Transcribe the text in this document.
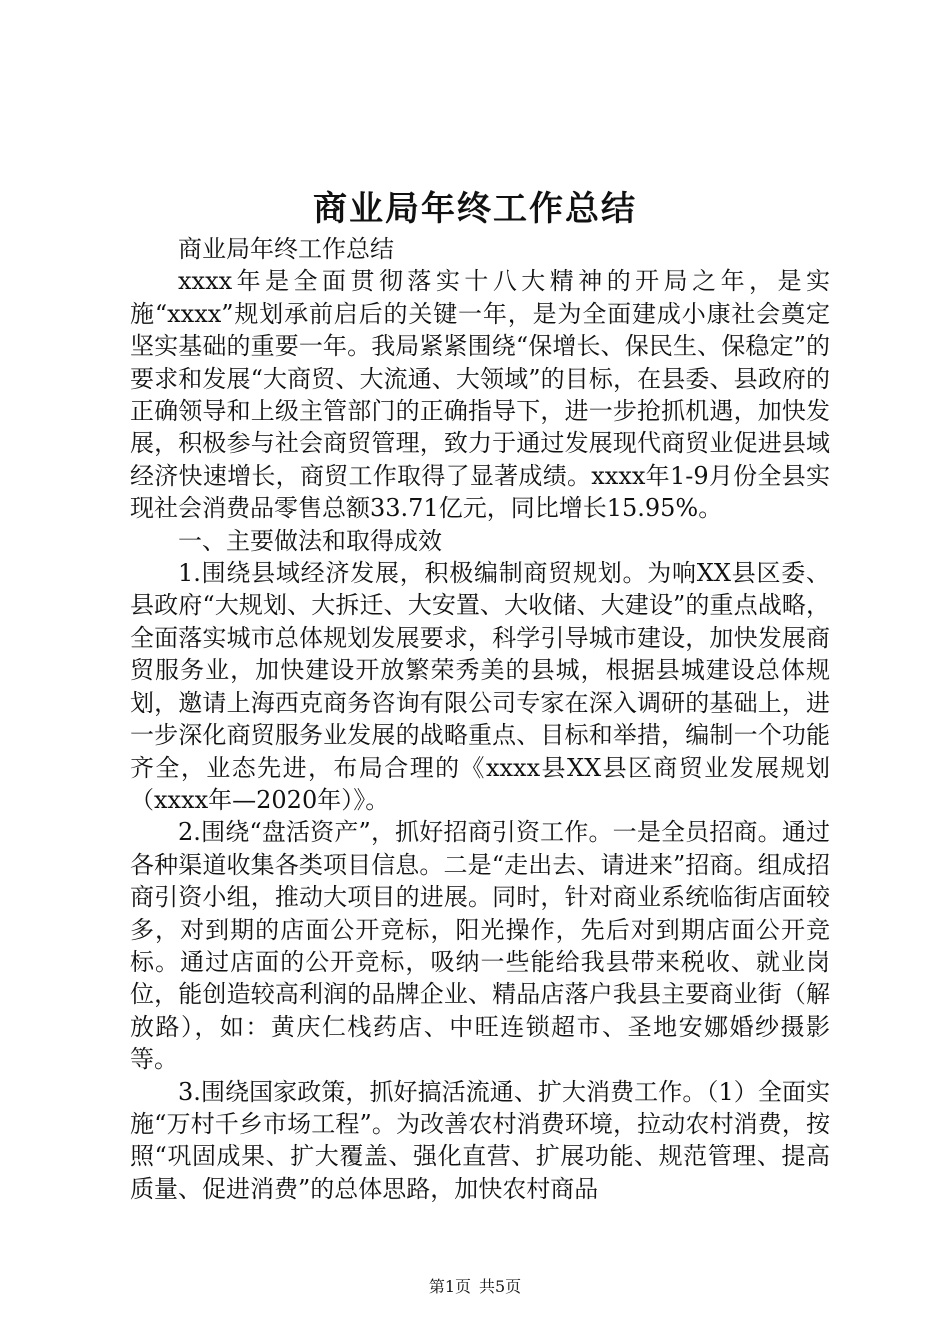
商业局年终工作总结

商业局年终工作总结

xxxx年是全面贯彻落实十八大精神的开局之年，是实施“xxxx”规划承前启后的关键一年，是为全面建成小康社会奠定坚实基础的重要一年。我局紧紧围绕“保增长、保民生、保稳定”的要求和发展“大商贸、大流通、大领域”的目标，在县委、县政府的正确领导和上级主管部门的正确指导下，进一步抢抓机遇，加快发展，积极参与社会商贸管理，致力于通过发展现代商贸业促进县域经济快速增长，商贸工作取得了显著成绩。xxxx年1-9月份全县实现社会消费品零售总额33.71亿元，同比增长15.95%。

一、主要做法和取得成效

1.围绕县域经济发展，积极编制商贸规划。为响XX县区委、县政府“大规划、大拆迁、大安置、大收储、大建设”的重点战略，全面落实城市总体规划发展要求，科学引导城市建设，加快发展商贸服务业，加快建设开放繁荣秀美的县城，根据县城建设总体规划，邀请上海西克商务咨询有限公司专家在深入调研的基础上，进一步深化商贸服务业发展的战略重点、目标和举措，编制一个功能齐全，业态先进，布局合理的《xxxx县XX县区商贸业发展规划（xxxx年—2020年）》。

2.围绕“盘活资产”，抓好招商引资工作。一是全员招商。通过各种渠道收集各类项目信息。二是“走出去、请进来”招商。组成招商引资小组，推动大项目的进展。同时，针对商业系统临街店面较多，对到期的店面公开竞标，阳光操作，先后对到期店面公开竞标。通过店面的公开竞标，吸纳一些能给我县带来税收、就业岗位，能创造较高利润的品牌企业、精品店落户我县主要商业街（解放路），如：黄庆仁栈药店、中旺连锁超市、圣地安娜婚纱摄影等。

3.围绕国家政策，抓好搞活流通、扩大消费工作。（1）全面实施“万村千乡市场工程”。为改善农村消费环境，拉动农村消费，按照“巩固成果、扩大覆盖、强化直营、扩展功能、规范管理、提高质量、促进消费”的总体思路，加快农村商品

第1页 共5页
